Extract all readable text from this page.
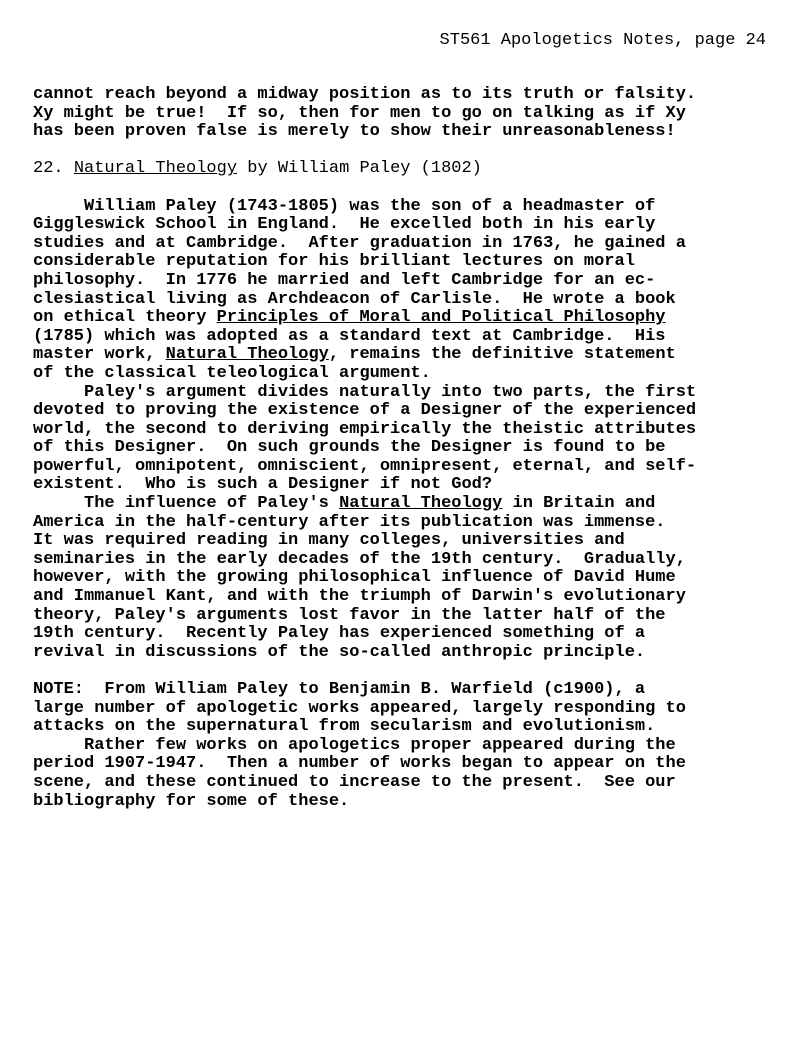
ST561 Apologetics Notes, page 24
cannot reach beyond a midway position as to its truth or falsity.
Xy might be true!  If so, then for men to go on talking as if Xy
has been proven false is merely to show their unreasonableness!
22. Natural Theology by William Paley (1802)
William Paley (1743-1805) was the son of a headmaster of
Giggleswick School in England.  He excelled both in his early
studies and at Cambridge.  After graduation in 1763, he gained a
considerable reputation for his brilliant lectures on moral
philosophy.  In 1776 he married and left Cambridge for an ec-
clesiastical living as Archdeacon of Carlisle.  He wrote a book
on ethical theory Principles of Moral and Political Philosophy
(1785) which was adopted as a standard text at Cambridge.  His
master work, Natural Theology, remains the definitive statement
of the classical teleological argument.
Paley's argument divides naturally into two parts, the first
devoted to proving the existence of a Designer of the experienced
world, the second to deriving empirically the theistic attributes
of this Designer.  On such grounds the Designer is found to be
powerful, omnipotent, omniscient, omnipresent, eternal, and self-
existent.  Who is such a Designer if not God?
The influence of Paley's Natural Theology in Britain and
America in the half-century after its publication was immense.
It was required reading in many colleges, universities and
seminaries in the early decades of the 19th century.  Gradually,
however, with the growing philosophical influence of David Hume
and Immanuel Kant, and with the triumph of Darwin's evolutionary
theory, Paley's arguments lost favor in the latter half of the
19th century.  Recently Paley has experienced something of a
revival in discussions of the so-called anthropic principle.
NOTE:  From William Paley to Benjamin B. Warfield (c1900), a
large number of apologetic works appeared, largely responding to
attacks on the supernatural from secularism and evolutionism.
Rather few works on apologetics proper appeared during the
period 1907-1947.  Then a number of works began to appear on the
scene, and these continued to increase to the present.  See our
bibliography for some of these.
